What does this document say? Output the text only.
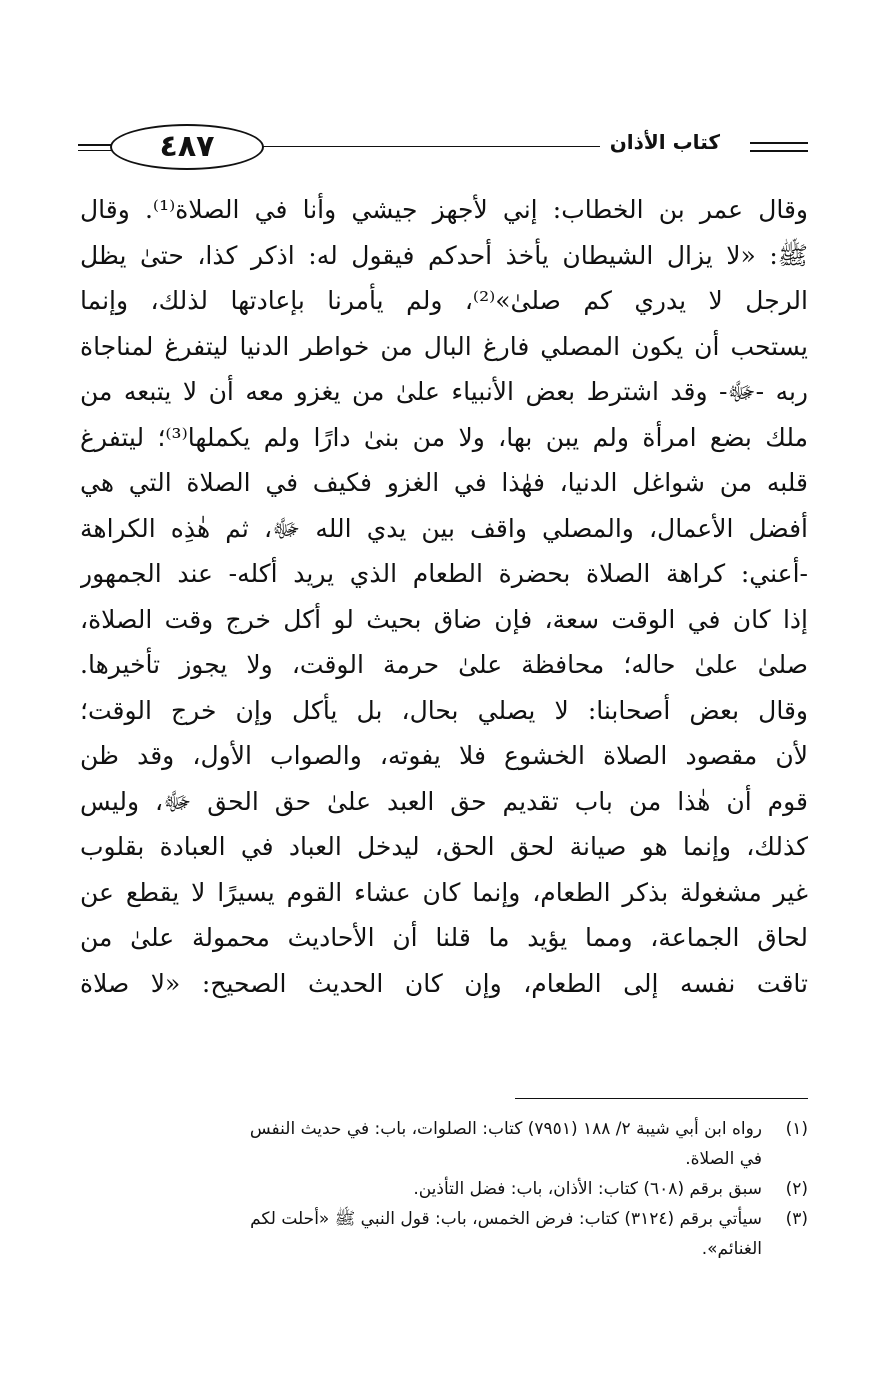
٤٨٧	كتاب الأذان
وقال عمر بن الخطاب: إني لأجهز جيشي وأنا في الصلاة⁽¹⁾. وقال
ﷺ: «لا يزال الشيطان يأخذ أحدكم فيقول له: اذكر كذا، حتىٰ يظل
الرجل لا يدري كم صلىٰ»⁽²⁾، ولم يأمرنا بإعادتها لذلك، وإنما
يستحب أن يكون المصلي فارغ البال من خواطر الدنيا ليتفرغ لمناجاة
ربه -ﷻ- وقد اشترط بعض الأنبياء علىٰ من يغزو معه أن لا يتبعه من
ملك بضع امرأة ولم يبن بها، ولا من بنىٰ دارًا ولم يكملها⁽³⁾؛ ليتفرغ
قلبه من شواغل الدنيا، فهٰذا في الغزو فكيف في الصلاة التي هي
أفضل الأعمال، والمصلي واقف بين يدي الله ﷻ، ثم هٰذِه الكراهة
-أعني: كراهة الصلاة بحضرة الطعام الذي يريد أكله- عند الجمهور
إذا كان في الوقت سعة، فإن ضاق بحيث لو أكل خرج وقت الصلاة،
صلىٰ علىٰ حاله؛ محافظة علىٰ حرمة الوقت، ولا يجوز تأخيرها.
وقال بعض أصحابنا: لا يصلي بحال، بل يأكل وإن خرج الوقت؛
لأن مقصود الصلاة الخشوع فلا يفوته، والصواب الأول، وقد ظن
قوم أن هٰذا من باب تقديم حق العبد علىٰ حق الحق ﷻ، وليس
كذلك، وإنما هو صيانة لحق الحق، ليدخل العباد في العبادة بقلوب
غير مشغولة بذكر الطعام، وإنما كان عشاء القوم يسيرًا لا يقطع عن
لحاق الجماعة، ومما يؤيد ما قلنا أن الأحاديث محمولة علىٰ من
تاقت نفسه إلى الطعام، وإن كان الحديث الصحيح: «لا صلاة
(١)
رواه ابن أبي شيبة ٢/ ١٨٨ (٧٩٥١) كتاب: الصلوات، باب: في حديث النفس
في الصلاة.
(٢)
سبق برقم (٦٠٨) كتاب: الأذان، باب: فضل التأذين.
(٣)
سيأتي برقم (٣١٢٤) كتاب: فرض الخمس، باب: قول النبي ﷺ «أحلت لكم
الغنائم».
